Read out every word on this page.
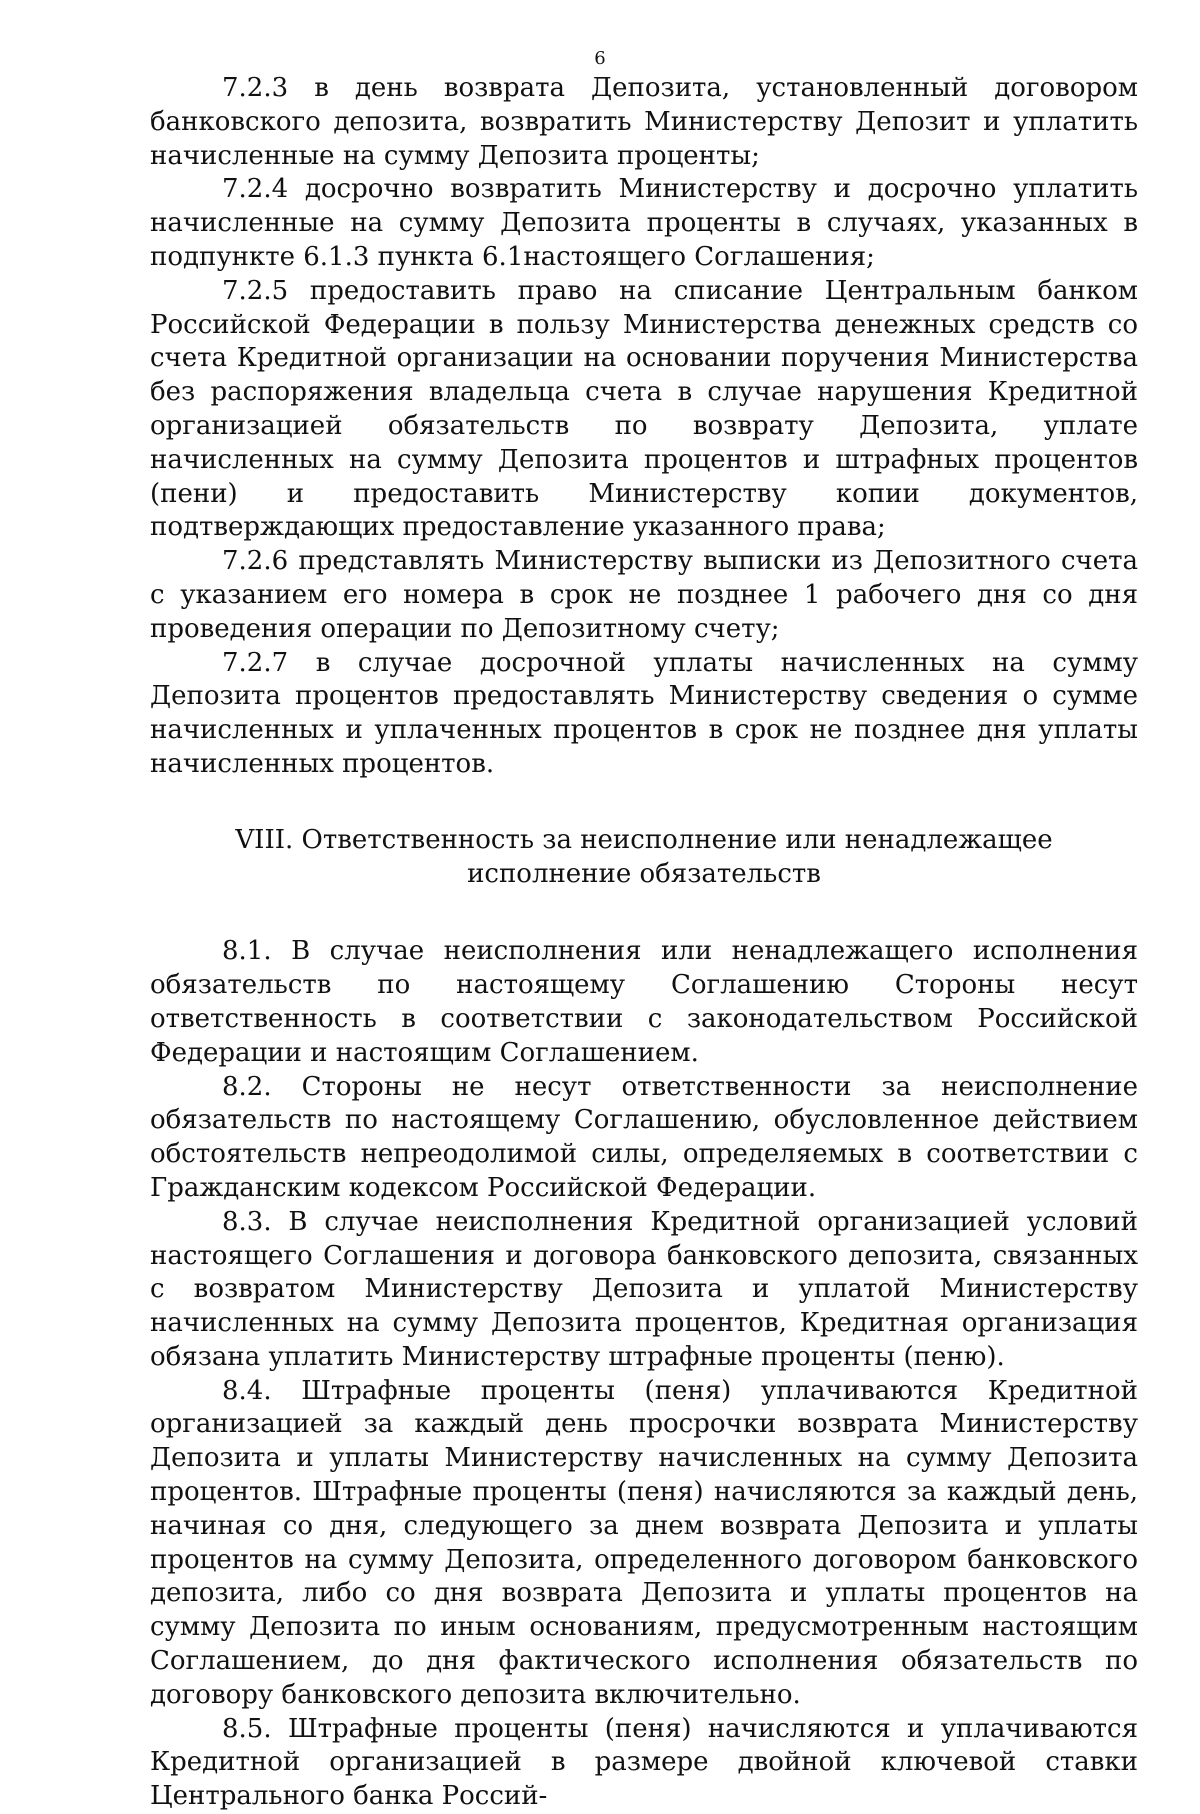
6

7.2.3 в день возврата Депозита, установленный договором банковского депозита, возвратить Министерству Депозит и уплатить начисленные на сумму Депозита проценты;

7.2.4 досрочно возвратить Министерству и досрочно уплатить начисленные на сумму Депозита проценты в случаях, указанных в подпункте 6.1.3 пункта 6.1настоящего Соглашения;

7.2.5 предоставить право на списание Центральным банком Российской Федерации в пользу Министерства денежных средств со счета Кредитной организации на основании поручения Министерства без распоряжения владельца счета в случае нарушения Кредитной организацией обязательств по возврату Депозита, уплате начисленных на сумму Депозита процентов и штрафных процентов (пени) и предоставить Министерству копии документов, подтверждающих предоставление указанного права;

7.2.6 представлять Министерству выписки из Депозитного счета с указанием его номера в срок не позднее 1 рабочего дня со дня проведения операции по Депозитному счету;

7.2.7 в случае досрочной уплаты начисленных на сумму Депозита процентов предоставлять Министерству сведения о сумме начисленных и уплаченных процентов в срок не позднее дня уплаты начисленных процентов.

VIII. Ответственность за неисполнение или ненадлежащее
исполнение обязательств

8.1. В случае неисполнения или ненадлежащего исполнения обязательств по настоящему Соглашению Стороны несут ответственность в соответствии с законодательством Российской Федерации и настоящим Соглашением.

8.2. Стороны не несут ответственности за неисполнение обязательств по настоящему Соглашению, обусловленное действием обстоятельств непреодолимой силы, определяемых в соответствии с Гражданским кодексом Российской Федерации.

8.3. В случае неисполнения Кредитной организацией условий настоящего Соглашения и договора банковского депозита, связанных с возвратом Министерству Депозита и уплатой Министерству начисленных на сумму Депозита процентов, Кредитная организация обязана уплатить Министерству штрафные проценты (пеню).

8.4. Штрафные проценты (пеня) уплачиваются Кредитной организацией за каждый день просрочки возврата Министерству Депозита и уплаты Министерству начисленных на сумму Депозита процентов. Штрафные проценты (пеня) начисляются за каждый день, начиная со дня, следующего за днем возврата Депозита и уплаты процентов на сумму Депозита, определенного договором банковского депозита, либо со дня возврата Депозита и уплаты процентов на сумму Депозита по иным основаниям, предусмотренным настоящим Соглашением, до дня фактического исполнения обязательств по договору банковского депозита включительно.

8.5. Штрафные проценты (пеня) начисляются и уплачиваются Кредитной организацией в размере двойной ключевой ставки Центрального банка Россий-
